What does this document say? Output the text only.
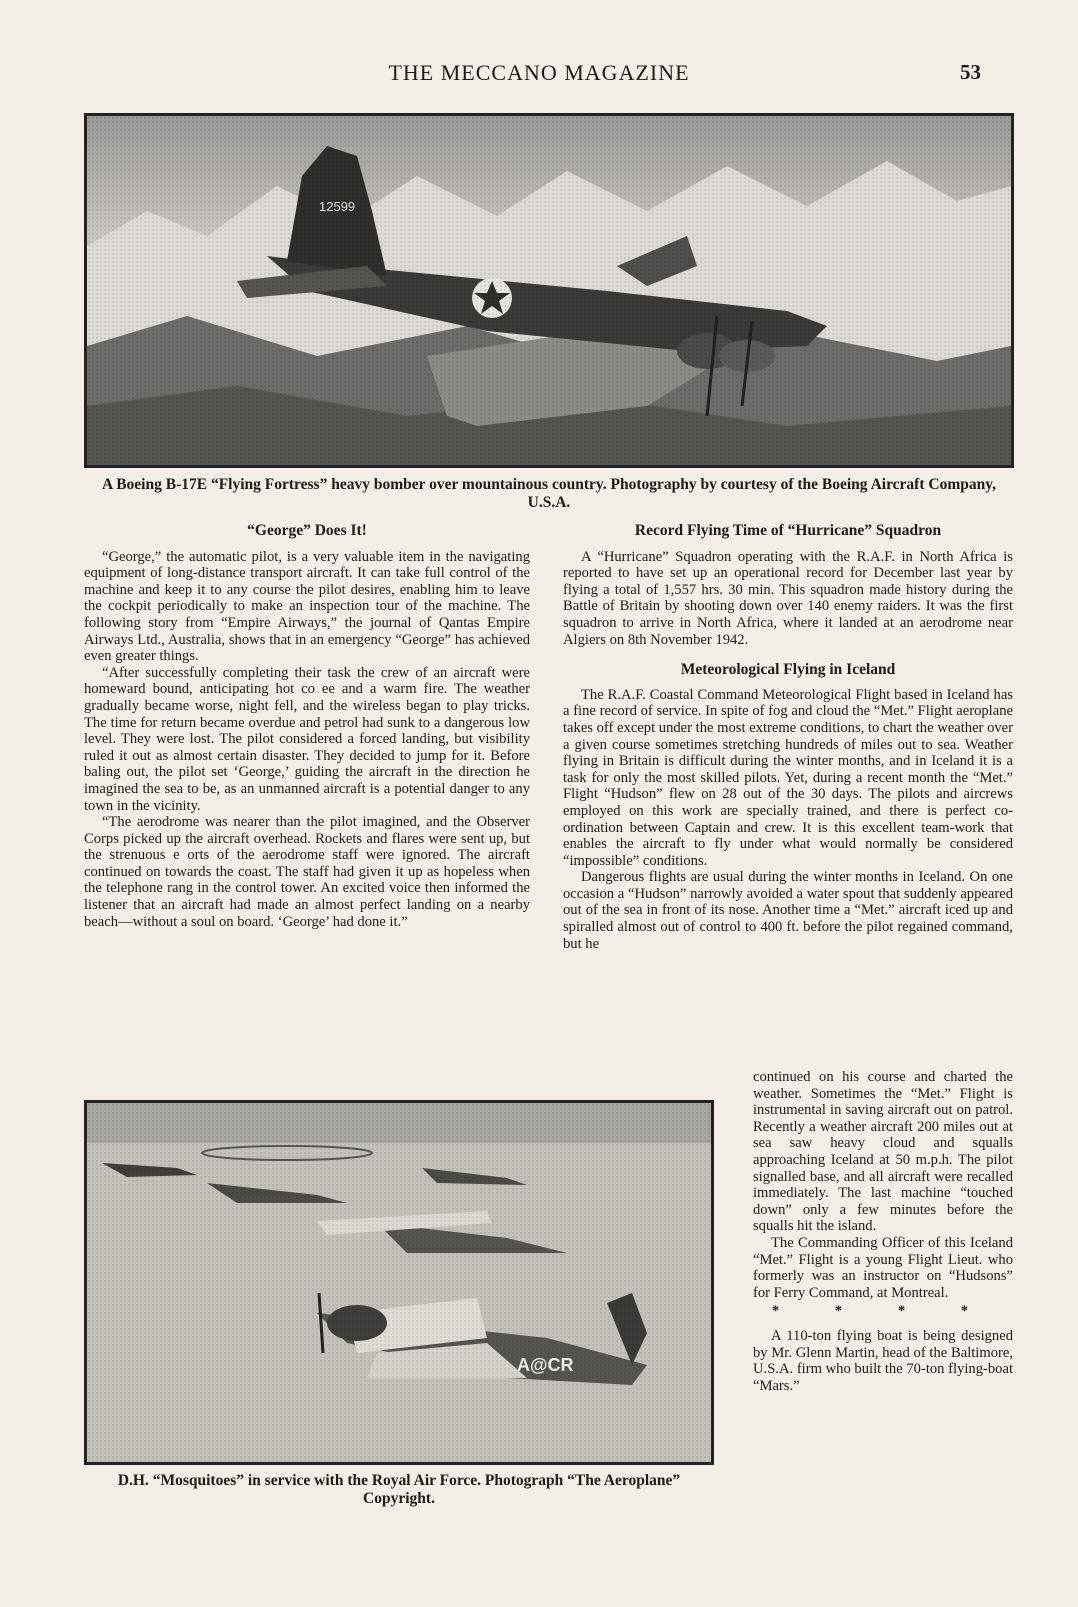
THE MECCANO MAGAZINE	53
A Boeing B-17E “Flying Fortress” heavy bomber over mountainous country. Photography by courtesy of the Boeing Aircraft Company, U.S.A.
“George” Does It!

“George,” the automatic pilot, is a very valuable item in the navigating equipment of long-distance transport aircraft. It can take full control of the machine and keep it to any course the pilot desires, enabling him to leave the cockpit periodically to make an inspection tour of the machine. The following story from “Empire Airways,” the journal of Qantas Empire Airways Ltd., Australia, shows that in an emergency “George” has achieved even greater things.

“After successfully completing their task the crew of an aircraft were homeward bound, anticipating hot co ee and a warm fire. The weather gradually became worse, night fell, and the wireless began to play tricks. The time for return became overdue and petrol had sunk to a dangerous low level. They were lost. The pilot considered a forced landing, but visibility ruled it out as almost certain disaster. They decided to jump for it. Before baling out, the pilot set ‘George,’ guiding the aircraft in the direction he imagined the sea to be, as an unmanned aircraft is a potential danger to any town in the vicinity.

“The aerodrome was nearer than the pilot imagined, and the Observer Corps picked up the aircraft overhead. Rockets and flares were sent up, but the strenuous e orts of the aerodrome staff were ignored. The aircraft continued on towards the coast. The staff had given it up as hopeless when the telephone rang in the control tower. An excited voice then informed the listener that an aircraft had made an almost perfect landing on a nearby beach—without a soul on board. ‘George’ had done it.”

Record Flying Time of “Hurricane” Squadron

A “Hurricane” Squadron operating with the R.A.F. in North Africa is reported to have set up an operational record for December last year by flying a total of 1,557 hrs. 30 min. This squadron made history during the Battle of Britain by shooting down over 140 enemy raiders. It was the first squadron to arrive in North Africa, where it landed at an aerodrome near Algiers on 8th November 1942.

Meteorological Flying in Iceland

The R.A.F. Coastal Command Meteorological Flight based in Iceland has a fine record of service. In spite of fog and cloud the “Met.” Flight aeroplane takes off except under the most extreme conditions, to chart the weather over a given course sometimes stretching hundreds of miles out to sea. Weather flying in Britain is difficult during the winter months, and in Iceland it is a task for only the most skilled pilots. Yet, during a recent month the “Met.” Flight “Hudson” flew on 28 out of the 30 days. The pilots and aircrews employed on this work are specially trained, and there is perfect co-ordination between Captain and crew. It is this excellent team-work that enables the aircraft to fly under what would normally be considered “impossible” conditions.

Dangerous flights are usual during the winter months in Iceland. On one occasion a “Hudson” narrowly avoided a water spout that suddenly appeared out of the sea in front of its nose. Another time a “Met.” aircraft iced up and spiralled almost out of control to 400 ft. before the pilot regained command, but he

continued on his course and charted the weather. Sometimes the “Met.” Flight is instrumental in saving aircraft out on patrol. Recently a weather aircraft 200 miles out at sea saw heavy cloud and squalls approaching Iceland at 50 m.p.h. The pilot signalled base, and all aircraft were recalled immediately. The last machine “touched down” only a few minutes before the squalls hit the island.

The Commanding Officer of this Iceland “Met.” Flight is a young Flight Lieut. who formerly was an instructor on “Hudsons” for Ferry Command, at Montreal.

* * * *

A 110-ton flying boat is being designed by Mr. Glenn Martin, head of the Baltimore, U.S.A. firm who built the 70-ton flying-boat “Mars.”

D.H. “Mosquitoes” in service with the Royal Air Force. Photograph “The Aeroplane” Copyright.
